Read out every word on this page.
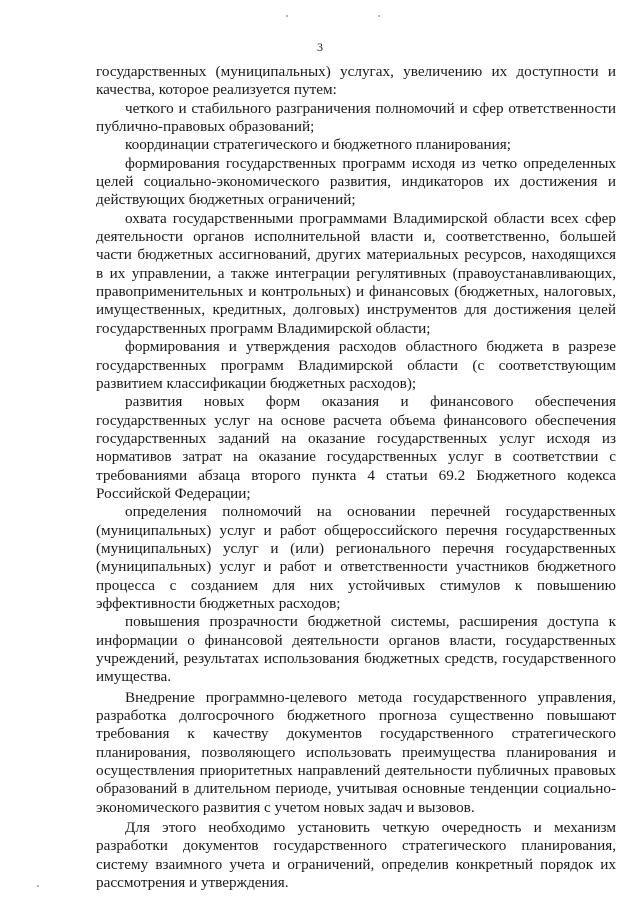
3

государственных (муниципальных) услугах, увеличению их доступности и качества, которое реализуется путем:

четкого и стабильного разграничения полномочий и сфер ответственности публично-правовых образований;

координации стратегического и бюджетного планирования;

формирования государственных программ исходя из четко определенных целей социально-экономического развития, индикаторов их достижения и действующих бюджетных ограничений;

охвата государственными программами Владимирской области всех сфер деятельности органов исполнительной власти и, соответственно, большей части бюджетных ассигнований, других материальных ресурсов, находящихся в их управлении, а также интеграции регулятивных (правоустанавливающих, правоприменительных и контрольных) и финансовых (бюджетных, налоговых, имущественных, кредитных, долговых) инструментов для достижения целей государственных программ Владимирской области;

формирования и утверждения расходов областного бюджета в разрезе государственных программ Владимирской области (с соответствующим развитием классификации бюджетных расходов);

развития новых форм оказания и финансового обеспечения государственных услуг на основе расчета объема финансового обеспечения государственных заданий на оказание государственных услуг исходя из нормативов затрат на оказание государственных услуг в соответствии с требованиями абзаца второго пункта 4 статьи 69.2 Бюджетного кодекса Российской Федерации;

определения полномочий на основании перечней государственных (муниципальных) услуг и работ общероссийского перечня государственных (муниципальных) услуг и (или) регионального перечня государственных (муниципальных) услуг и работ и ответственности участников бюджетного процесса с созданием для них устойчивых стимулов к повышению эффективности бюджетных расходов;

повышения прозрачности бюджетной системы, расширения доступа к информации о финансовой деятельности органов власти, государственных учреждений, результатах использования бюджетных средств, государственного имущества.

Внедрение программно-целевого метода государственного управления, разработка долгосрочного бюджетного прогноза существенно повышают требования к качеству документов государственного стратегического планирования, позволяющего использовать преимущества планирования и осуществления приоритетных направлений деятельности публичных правовых образований в длительном периоде, учитывая основные тенденции социально-экономического развития с учетом новых задач и вызовов.

Для этого необходимо установить четкую очередность и механизм разработки документов государственного стратегического планирования, систему взаимного учета и ограничений, определив конкретный порядок их рассмотрения и утверждения.
